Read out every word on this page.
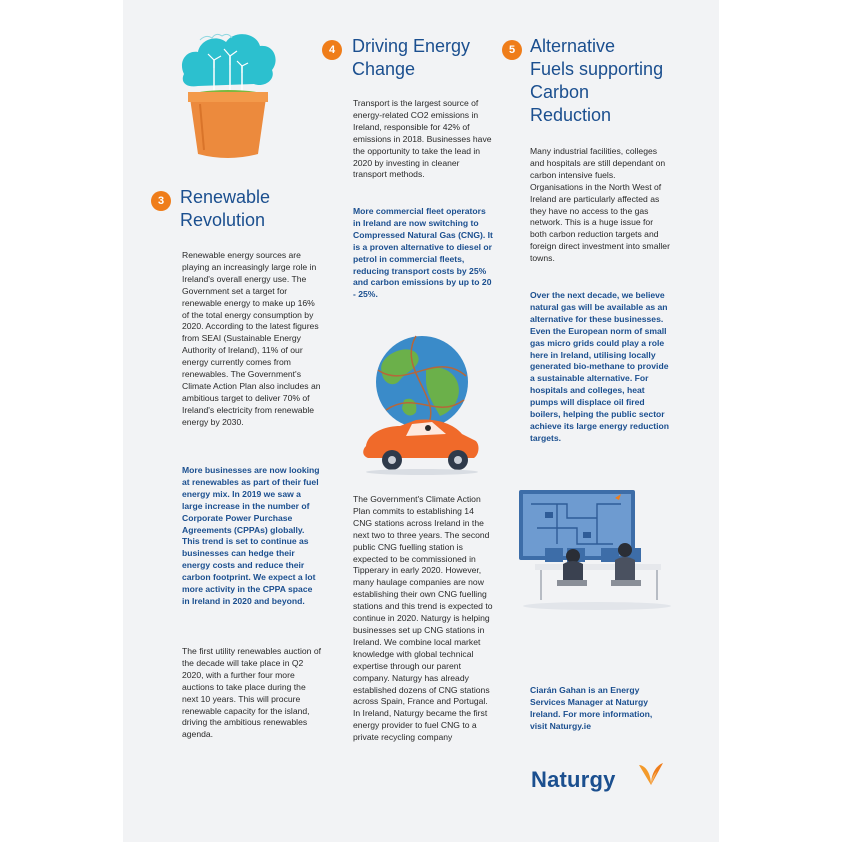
3 Renewable
Revolution

Renewable energy sources are playing an increasingly large role in Ireland's overall energy use. The Government set a target for renewable energy to make up 16% of the total energy consumption by 2020. According to the latest figures from SEAI (Sustainable Energy Authority of Ireland), 11% of our energy currently comes from renewables. The Government's Climate Action Plan also includes an ambitious target to deliver 70% of Ireland's electricity from renewable energy by 2030.

More businesses are now looking at renewables as part of their fuel energy mix. In 2019 we saw a large increase in the number of Corporate Power Purchase Agreements (CPPAs) globally. This trend is set to continue as businesses can hedge their energy costs and reduce their carbon footprint. We expect a lot more activity in the CPPA space in Ireland in 2020 and beyond.

The first utility renewables auction of the decade will take place in Q2 2020, with a further four more auctions to take place during the next 10 years. This will procure renewable capacity for the island, driving the ambitious renewables agenda.

4 Driving Energy
Change

Transport is the largest source of energy-related CO2 emissions in Ireland, responsible for 42% of emissions in 2018. Businesses have the opportunity to take the lead in 2020 by investing in cleaner transport methods.

More commercial fleet operators in Ireland are now switching to Compressed Natural Gas (CNG). It is a proven alternative to diesel or petrol in commercial fleets, reducing transport costs by 25% and carbon emissions by up to 20 - 25%.

The Government's Climate Action Plan commits to establishing 14 CNG stations across Ireland in the next two to three years. The second public CNG fuelling station is expected to be commissioned in Tipperary in early 2020. However, many haulage companies are now establishing their own CNG fuelling stations and this trend is expected to continue in 2020. Naturgy is helping businesses set up CNG stations in Ireland. We combine local market knowledge with global technical expertise through our parent company. Naturgy has already established dozens of CNG stations across Spain, France and Portugal. In Ireland, Naturgy became the first energy provider to fuel CNG to a private recycling company

5 Alternative
Fuels supporting
Carbon
Reduction

Many industrial facilities, colleges and hospitals are still dependant on carbon intensive fuels. Organisations in the North West of Ireland are particularly affected as they have no access to the gas network. This is a huge issue for both carbon reduction targets and foreign direct investment into smaller towns.

Over the next decade, we believe natural gas will be available as an alternative for these businesses. Even the European norm of small gas micro grids could play a role here in Ireland, utilising locally generated bio-methane to provide a sustainable alternative. For hospitals and colleges, heat pumps will displace oil fired boilers, helping the public sector achieve its large energy reduction targets.

Ciarán Gahan is an Energy Services Manager at Naturgy Ireland. For more information, visit Naturgy.ie

Naturgy
